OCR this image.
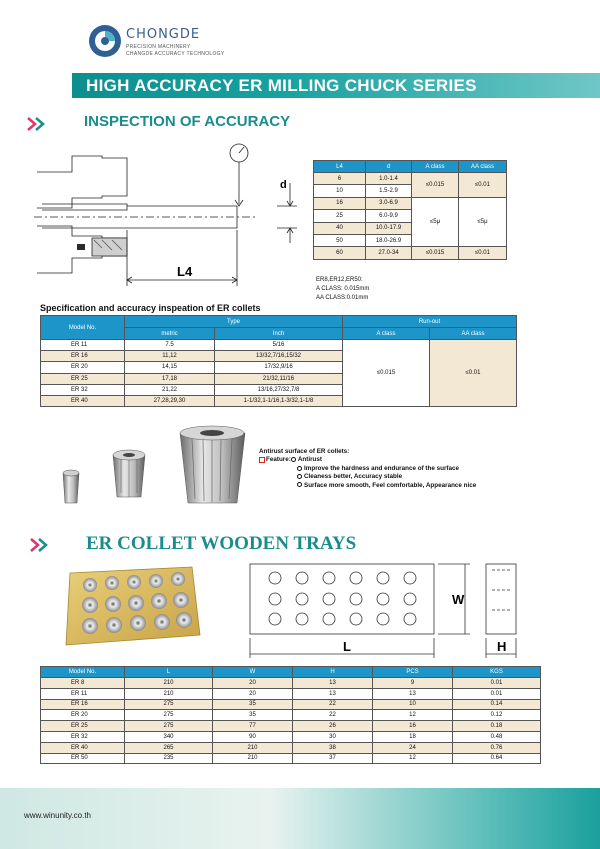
CHONGDE
PRECISION MACHINERY
CHANGDE ACCURACY TECHNOLOGY
HIGH ACCURACY ER MILLING CHUCK SERIES
INSPECTION OF ACCURACY
d
L4
L4	d	A class	AA class
6	1.0-1.4	≤0.015	≤0.01
10	1.5-2.9		
16	3.0-6.9	≤5μ	≤5μ
25	6.0-9.9		
40	10.0-17.9		
50	18.0-26.9		
60	27.0-34	≤0.015	≤0.01
ER8,ER12,ER50:
A CLASS: 0.015mm
AA CLASS:0.01mm
Specification and accuracy inspeation of ER collets
Model No.	Type		Run-out	
	metric	Inch	A class	AA class
ER 11	7.5	5/16	≤0.015	≤0.01
ER 16	11,12	13/32,7/16,15/32		
ER 20	14,15	17/32,9/16		
ER 25	17,18	21/32,11/16		
ER 32	21,22	13/16,27/32,7/8		
ER 40	27,28,29,30	1-1/32,1-1/16,1-3/32,1-1/8		
Antirust surface of ER collets:
Feature: Antirust
Improve the hardness and endurance of the surface
Cleaness better, Accuracy stable
Surface more smooth, Feel comfortable, Appearance nice
ER COLLET WOODEN TRAYS
W
L	H
Model No.	L	W	H	PCS	KGS
ER 8	210	20	13	9	0.01
ER 11	210	20	13	13	0.01
ER 16	275	35	22	10	0.14
ER 20	275	35	22	12	0.12
ER 25	275	77	26	16	0.18
ER 32	340	90	30	18	0.48
ER 40	265	210	38	24	0.76
ER 50	235	210	37	12	0.64
www.winunity.co.th
